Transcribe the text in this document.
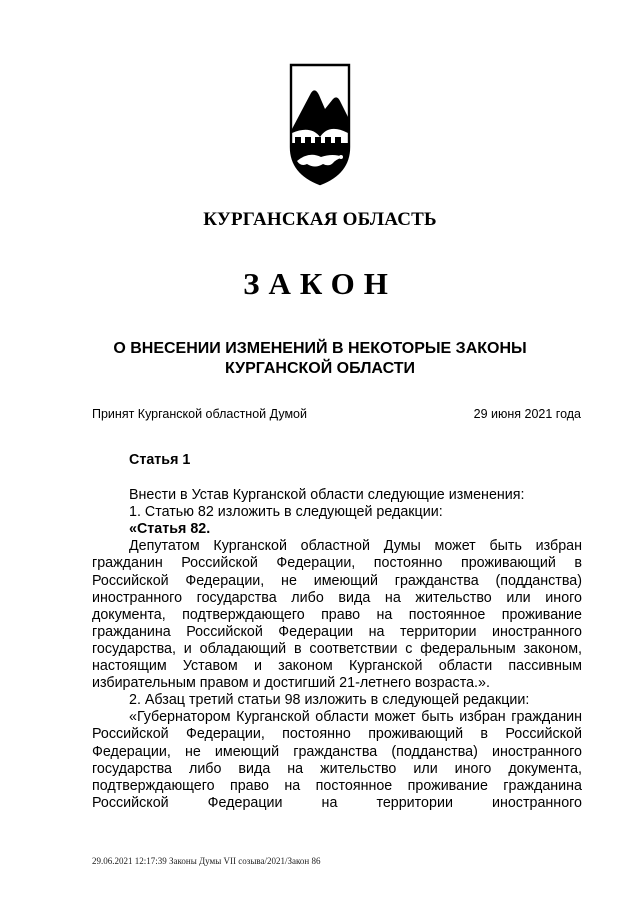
КУРГАНСКАЯ ОБЛАСТЬ
ЗАКОН
О ВНЕСЕНИИ ИЗМЕНЕНИЙ В НЕКОТОРЫЕ ЗАКОНЫ
КУРГАНСКОЙ ОБЛАСТИ
Принят Курганской областной Думой	29 июня 2021 года

Статья 1

Внести в Устав Курганской области следующие изменения:

1. Статью 82 изложить в следующей редакции:

«Статья 82.

Депутатом Курганской областной Думы может быть избран гражданин Российской Федерации, постоянно проживающий в Российской Федерации, не имеющий гражданства (подданства) иностранного государства либо вида на жительство или иного документа, подтверждающего право на постоянное проживание гражданина Российской Федерации на территории иностранного государства, и обладающий в соответствии с федеральным законом, настоящим Уставом и законом Курганской области пассивным избирательным правом и достигший 21-летнего возраста.».

2. Абзац третий статьи 98 изложить в следующей редакции:

«Губернатором Курганской области может быть избран гражданин Российской Федерации, постоянно проживающий в Российской Федерации, не имеющий гражданства (подданства) иностранного государства либо вида на жительство или иного документа, подтверждающего право на постоянное проживание гражданина Российской Федерации на территории иностранного

29.06.2021 12:17:39 Законы Думы VII созыва/2021/Закон 86
